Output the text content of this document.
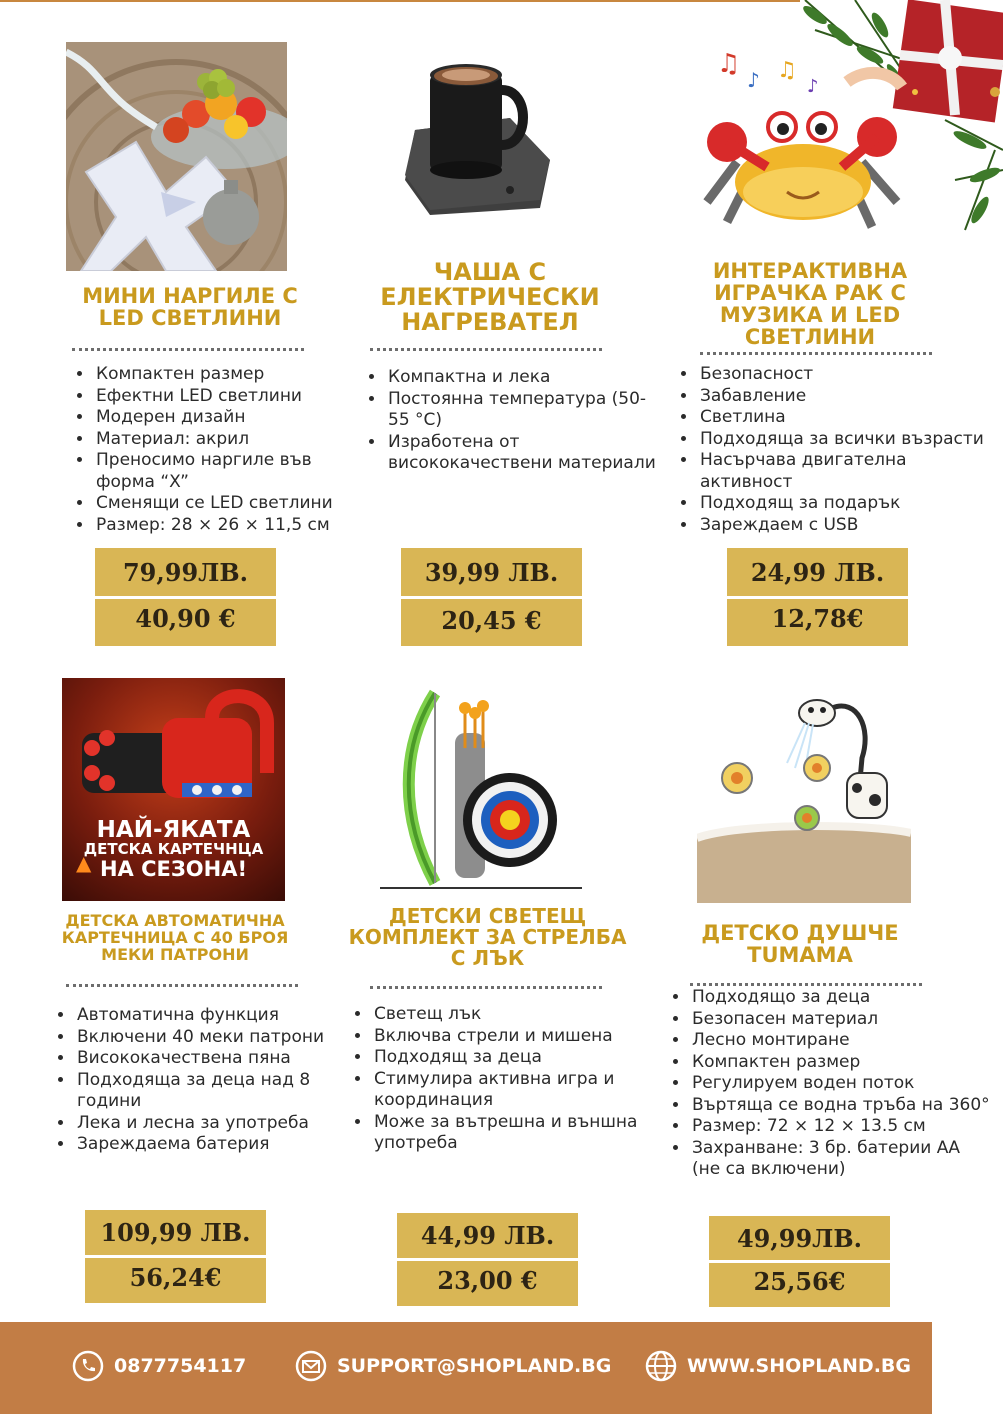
МИНИ НАРГИЛЕ С
LED СВЕТЛИНИ
• Компактен размер
• Ефектни LED светлини
• Модерен дизайн
• Материал: акрил
• Преносимо наргиле във форма “X”
• Сменящи се LED светлини
• Размер: 28 × 26 × 11,5 см
79,99ЛВ.
40,90 €
ЧАША С
ЕЛЕКТРИЧЕСКИ
НАГРЕВАТЕЛ
• Компактна и лека
• Постоянна температура (50-55 °C)
• Изработена от висококачествени материали
39,99 ЛВ.
20,45 €
♫
♪ ♫
♪
ИНТЕРАКТИВНА
ИГРАЧКА РАК С
МУЗИКА И LED
СВЕТЛИНИ
• Безопасност
• Забавление
• Светлина
• Подходяща за всички възрасти
• Насърчава двигателна активност
• Подходящ за подарък
• Зареждаем с USB
24,99 ЛВ.
12,78€
НАЙ-ЯКАТА
ДЕТСКА КАРТЕЧНЦА
НА СЕЗОНА!
▲
ДЕТСКА АВТОМАТИЧНА
КАРТЕЧНИЦА С 40 БРОЯ
МЕКИ ПАТРОНИ
• Автоматична функция
• Включени 40 меки патрони
• Висококачествена пяна
• Подходяща за деца над 8 години
• Лека и лесна за употреба
• Зареждаема батерия
109,99 ЛВ.
56,24€
ДЕТСКИ СВЕТЕЩ
КОМПЛЕКТ ЗА СТРЕЛБА
С ЛЪК
• Светещ лък
• Включва стрели и мишена
• Подходящ за деца
• Стимулира активна игра и координация
• Може за вътрешна и външна употреба
44,99 ЛВ.
23,00 €
ДЕТСКО ДУШЧЕ
TUMAMA
• Подходящо за деца
• Безопасен материал
• Лесно монтиране
• Компактен размер
• Регулируем воден поток
• Въртяща се водна тръба на 360°
• Размер: 72 × 12 × 13.5 см
• Захранване: 3 бр. батерии АА (не са включени)
49,99ЛВ.
25,56€
0877754117	SUPPORT@SHOPLAND.BG	WWW.SHOPLAND.BG
